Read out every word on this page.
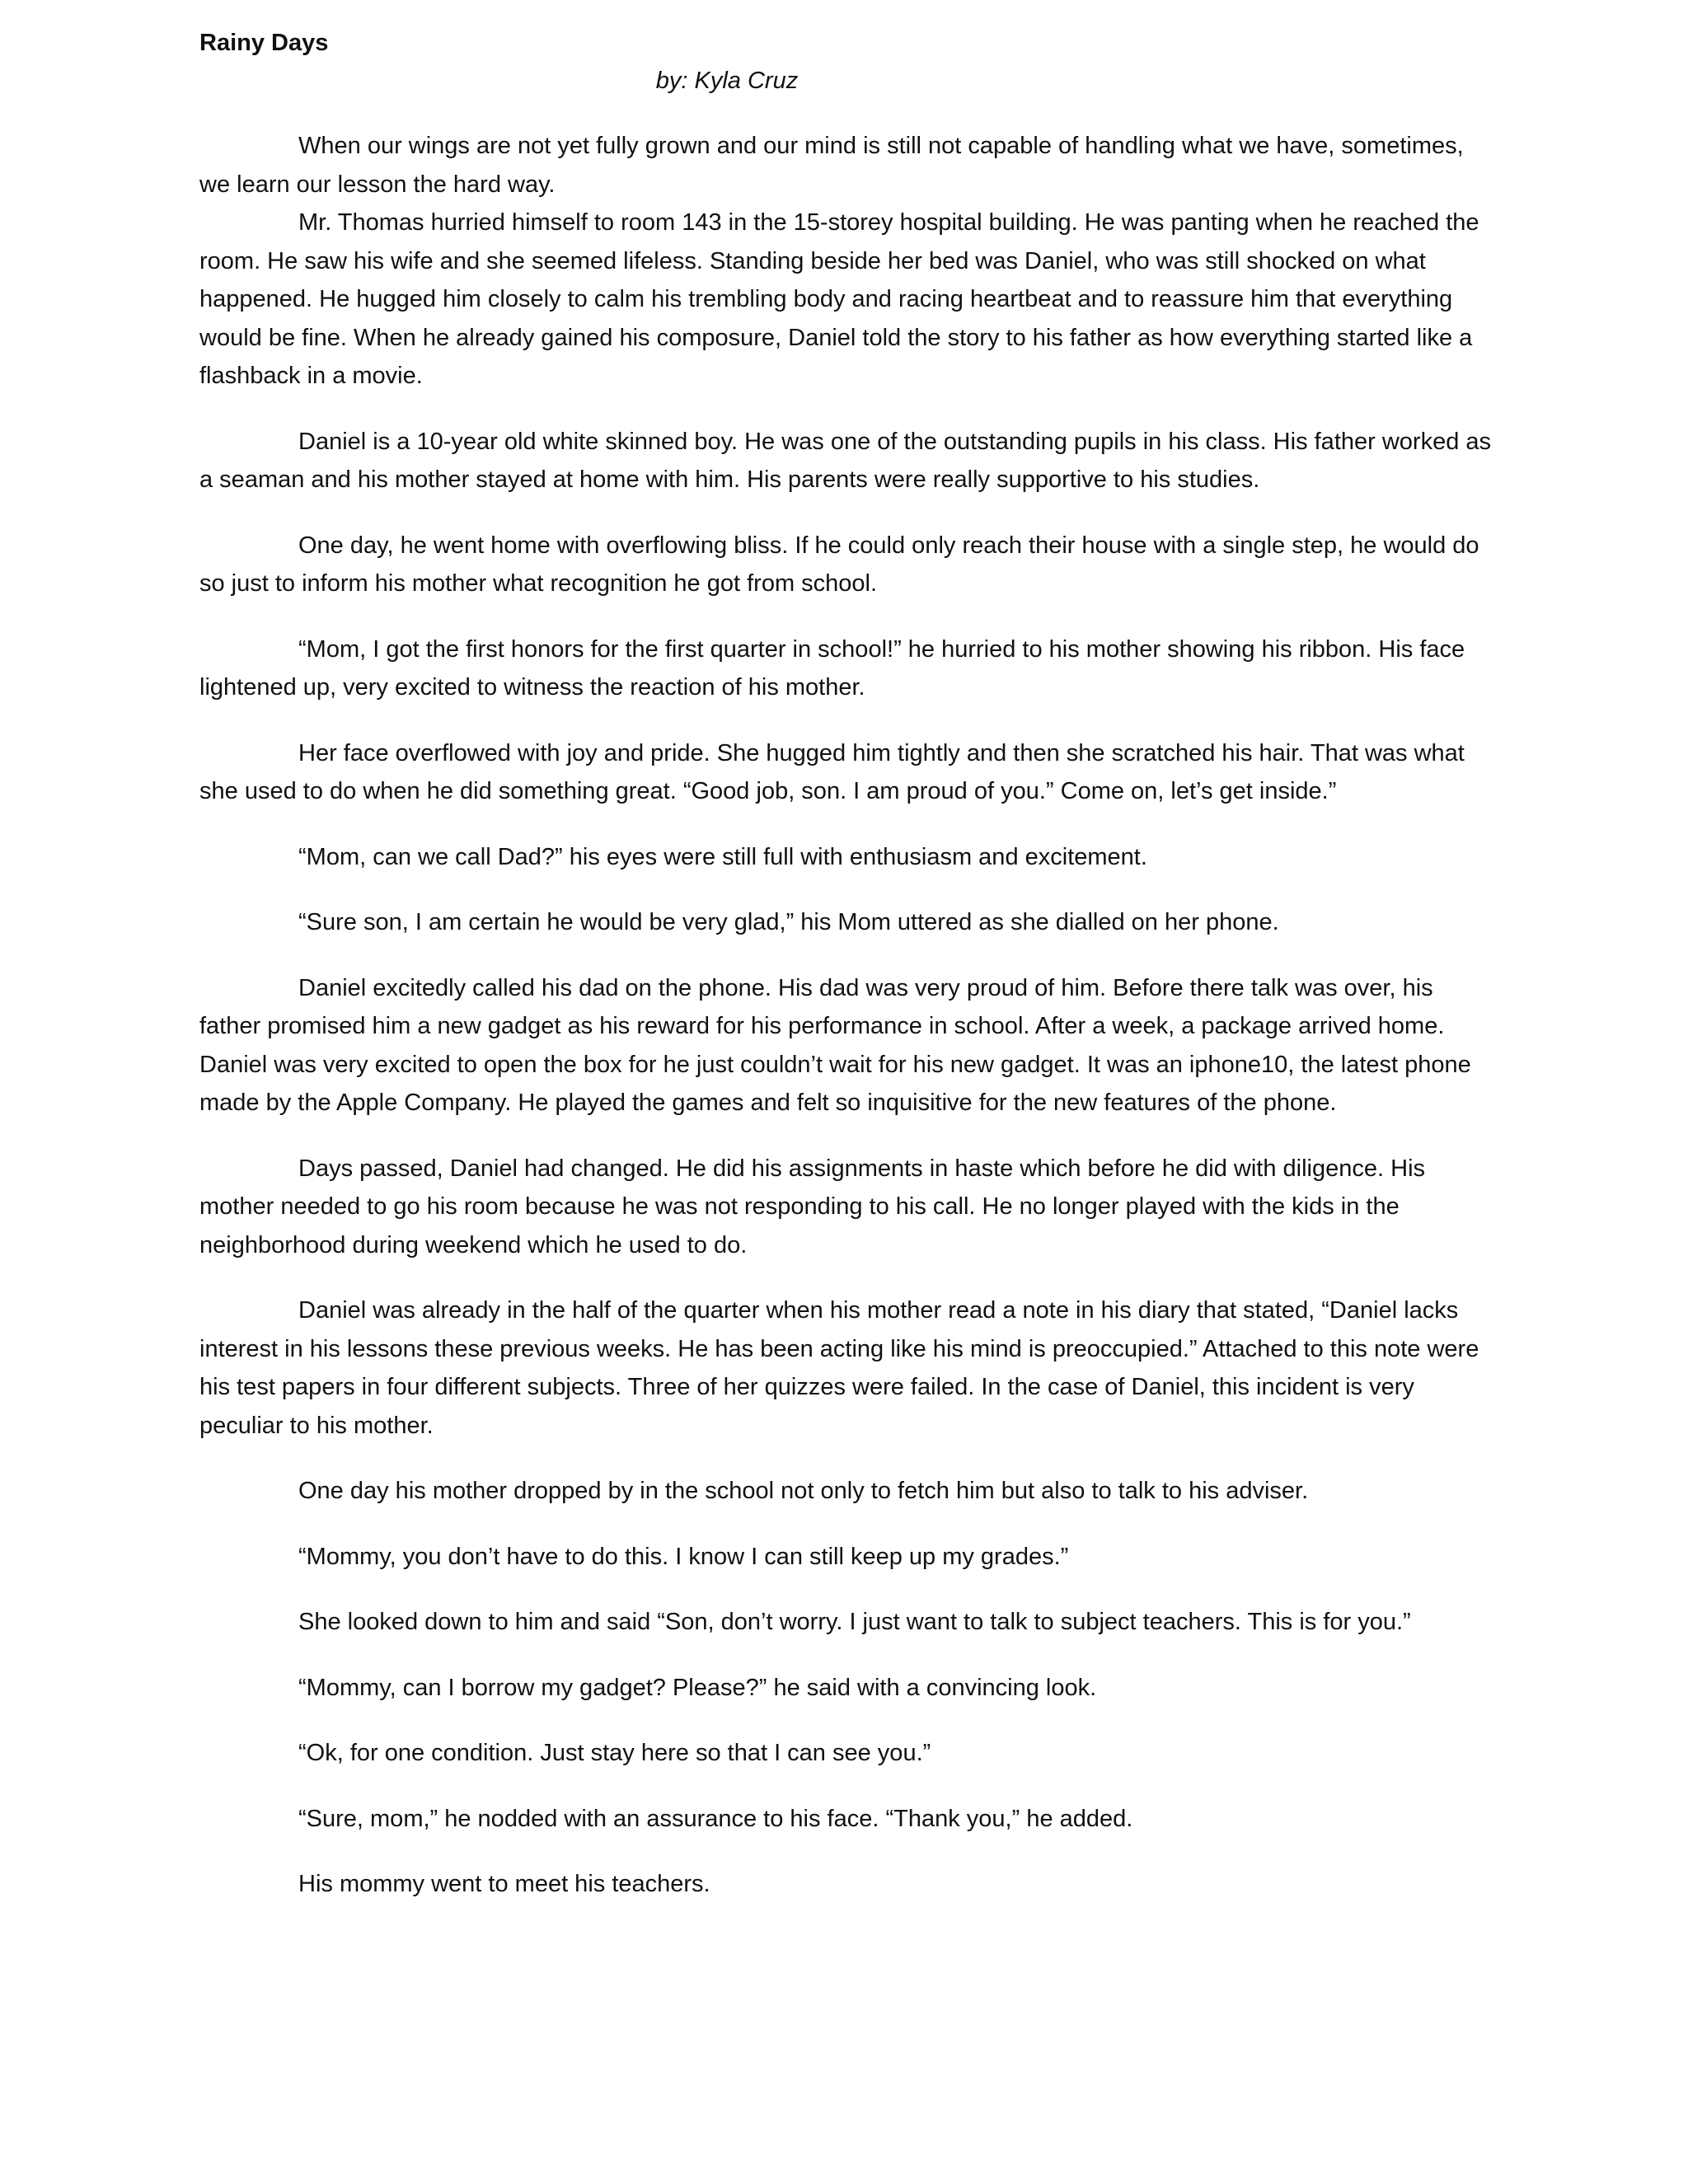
Rainy Days
by: Kyla Cruz

When our wings are not yet fully grown and our mind is still not capable of handling what we have, sometimes, we learn our lesson the hard way.

Mr. Thomas hurried himself to room 143 in the 15-storey hospital building. He was panting when he reached the room. He saw his wife and she seemed lifeless. Standing beside her bed was Daniel, who was still shocked on what happened. He hugged him closely to calm his trembling body and racing heartbeat and to reassure him that everything would be fine. When he already gained his composure, Daniel told the story to his father as how everything started like a flashback in a movie.

Daniel is a 10-year old white skinned boy. He was one of the outstanding pupils in his class. His father worked as a seaman and his mother stayed at home with him. His parents were really supportive to his studies.

One day, he went home with overflowing bliss. If he could only reach their house with a single step, he would do so just to inform his mother what recognition he got from school.

“Mom, I got the first honors for the first quarter in school!” he hurried to his mother showing his ribbon. His face lightened up, very excited to witness the reaction of his mother.

Her face overflowed with joy and pride. She hugged him tightly and then she scratched his hair. That was what she used to do when he did something great. “Good job, son. I am proud of you.” Come on, let’s get inside.”

“Mom, can we call Dad?” his eyes were still full with enthusiasm and excitement.

“Sure son, I am certain he would be very glad,” his Mom uttered as she dialled on her phone.

Daniel excitedly called his dad on the phone. His dad was very proud of him. Before there talk was over, his father promised him a new gadget as his reward for his performance in school. After a week, a package arrived home. Daniel was very excited to open the box for he just couldn’t wait for his new gadget. It was an iphone10, the latest phone made by the Apple Company. He played the games and felt so inquisitive for the new features of the phone.

Days passed, Daniel had changed. He did his assignments in haste which before he did with diligence. His mother needed to go his room because he was not responding to his call. He no longer played with the kids in the neighborhood during weekend which he used to do.

Daniel was already in the half of the quarter when his mother read a note in his diary that stated, “Daniel lacks interest in his lessons these previous weeks. He has been acting like his mind is preoccupied.” Attached to this note were his test papers in four different subjects. Three of her quizzes were failed. In the case of Daniel, this incident is very peculiar to his mother.

One day his mother dropped by in the school not only to fetch him but also to talk to his adviser.

“Mommy, you don’t have to do this. I know I can still keep up my grades.”

She looked down to him and said “Son, don’t worry. I just want to talk to subject teachers. This is for you.”

“Mommy, can I borrow my gadget? Please?” he said with a convincing look.

“Ok, for one condition. Just stay here so that I can see you.”

“Sure, mom,” he nodded with an assurance to his face. “Thank you,” he added.

His mommy went to meet his teachers.
